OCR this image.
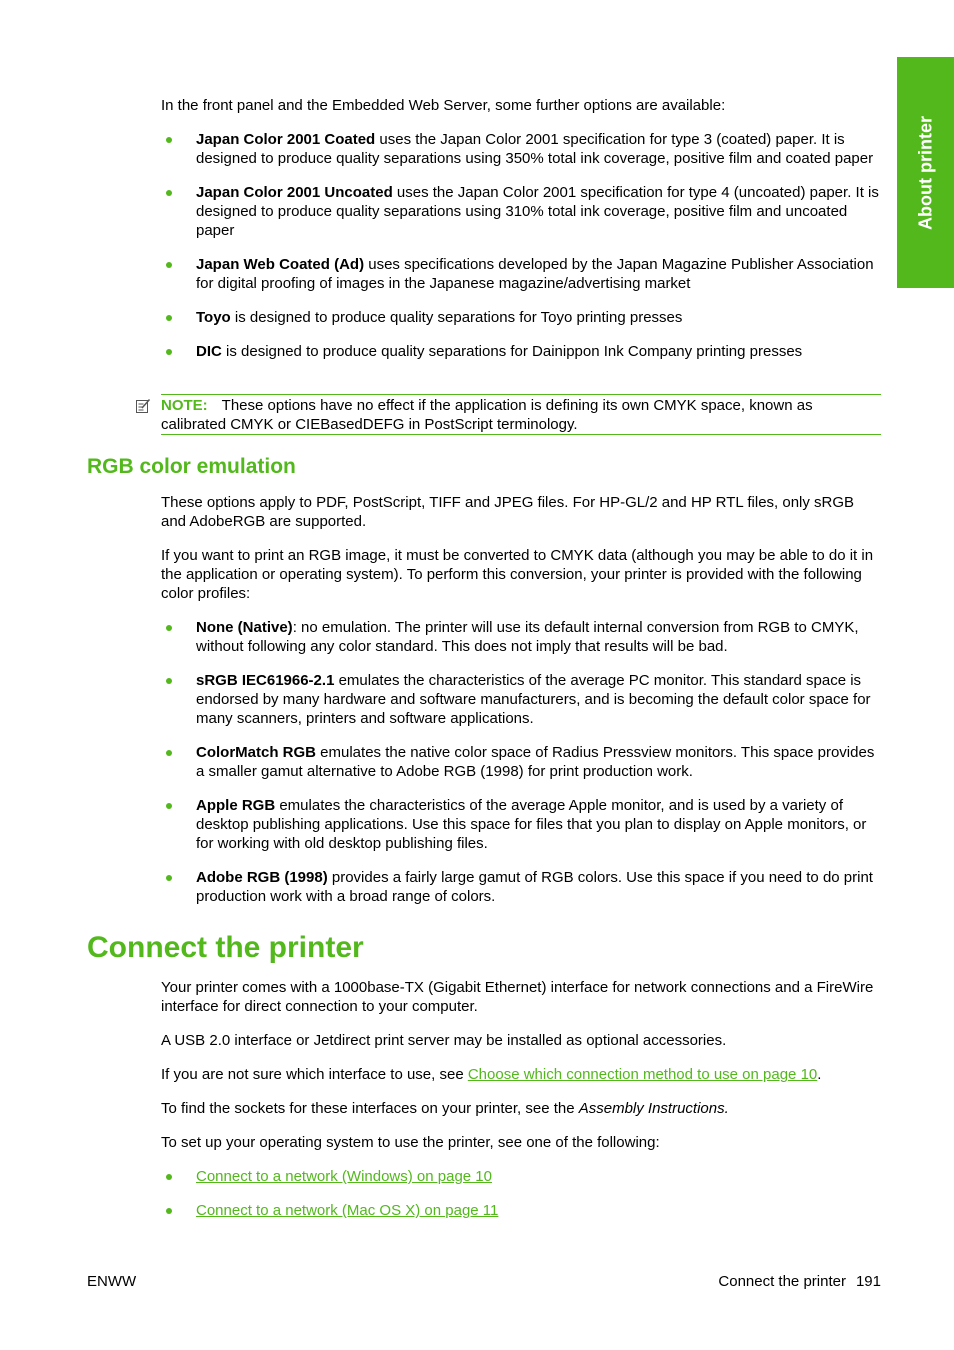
About printer

In the front panel and the Embedded Web Server, some further options are available:

Japan Color 2001 Coated uses the Japan Color 2001 specification for type 3 (coated) paper. It is designed to produce quality separations using 350% total ink coverage, positive film and coated paper
Japan Color 2001 Uncoated uses the Japan Color 2001 specification for type 4 (uncoated) paper. It is designed to produce quality separations using 310% total ink coverage, positive film and uncoated paper
Japan Web Coated (Ad) uses specifications developed by the Japan Magazine Publisher Association for digital proofing of images in the Japanese magazine/advertising market
Toyo is designed to produce quality separations for Toyo printing presses
DIC is designed to produce quality separations for Dainippon Ink Company printing presses
NOTE: These options have no effect if the application is defining its own CMYK space, known as calibrated CMYK or CIEBasedDEFG in PostScript terminology.
RGB color emulation

These options apply to PDF, PostScript, TIFF and JPEG files. For HP-GL/2 and HP RTL files, only sRGB and AdobeRGB are supported.

If you want to print an RGB image, it must be converted to CMYK data (although you may be able to do it in the application or operating system). To perform this conversion, your printer is provided with the following color profiles:

None (Native): no emulation. The printer will use its default internal conversion from RGB to CMYK, without following any color standard. This does not imply that results will be bad.
sRGB IEC61966-2.1 emulates the characteristics of the average PC monitor. This standard space is endorsed by many hardware and software manufacturers, and is becoming the default color space for many scanners, printers and software applications.
ColorMatch RGB emulates the native color space of Radius Pressview monitors. This space provides a smaller gamut alternative to Adobe RGB (1998) for print production work.
Apple RGB emulates the characteristics of the average Apple monitor, and is used by a variety of desktop publishing applications. Use this space for files that you plan to display on Apple monitors, or for working with old desktop publishing files.
Adobe RGB (1998) provides a fairly large gamut of RGB colors. Use this space if you need to do print production work with a broad range of colors.
Connect the printer

Your printer comes with a 1000base-TX (Gigabit Ethernet) interface for network connections and a FireWire interface for direct connection to your computer.

A USB 2.0 interface or Jetdirect print server may be installed as optional accessories.

If you are not sure which interface to use, see Choose which connection method to use on page 10.

To find the sockets for these interfaces on your printer, see the Assembly Instructions.

To set up your operating system to use the printer, see one of the following:

Connect to a network (Windows) on page 10
Connect to a network (Mac OS X) on page 11
ENWW	Connect the printer 191
